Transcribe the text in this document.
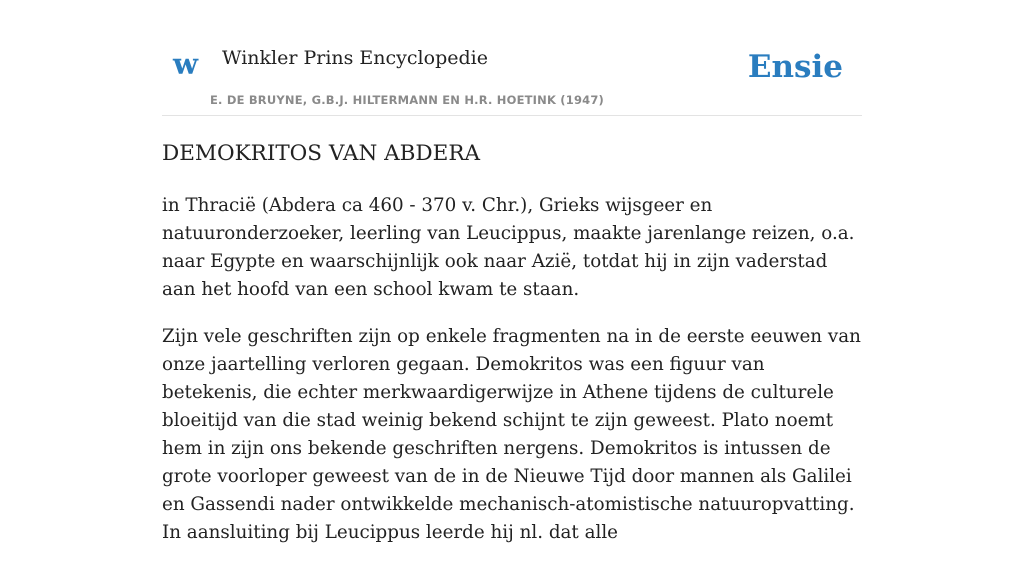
w Winkler Prins Encyclopedie
E. DE BRUYNE, G.B.J. HILTERMANN EN H.R. HOETINK (1947)
Ensie
DEMOKRITOS VAN ABDERA

in Thracië (Abdera ca 460 - 370 v. Chr.), Grieks wijsgeer en natuuronderzoeker, leerling van Leucippus, maakte jarenlange reizen, o.a. naar Egypte en waarschijnlijk ook naar Azië, totdat hij in zijn vaderstad aan het hoofd van een school kwam te staan.

Zijn vele geschriften zijn op enkele fragmenten na in de eerste eeuwen van onze jaartelling verloren gegaan. Demokritos was een figuur van betekenis, die echter merkwaardigerwijze in Athene tijdens de culturele bloeitijd van die stad weinig bekend schijnt te zijn geweest. Plato noemt hem in zijn ons bekende geschriften nergens. Demokritos is intussen de grote voorloper geweest van de in de Nieuwe Tijd door mannen als Galilei en Gassendi nader ontwikkelde mechanisch-atomistische natuuropvatting. In aansluiting bij Leucippus leerde hij nl. dat alle
